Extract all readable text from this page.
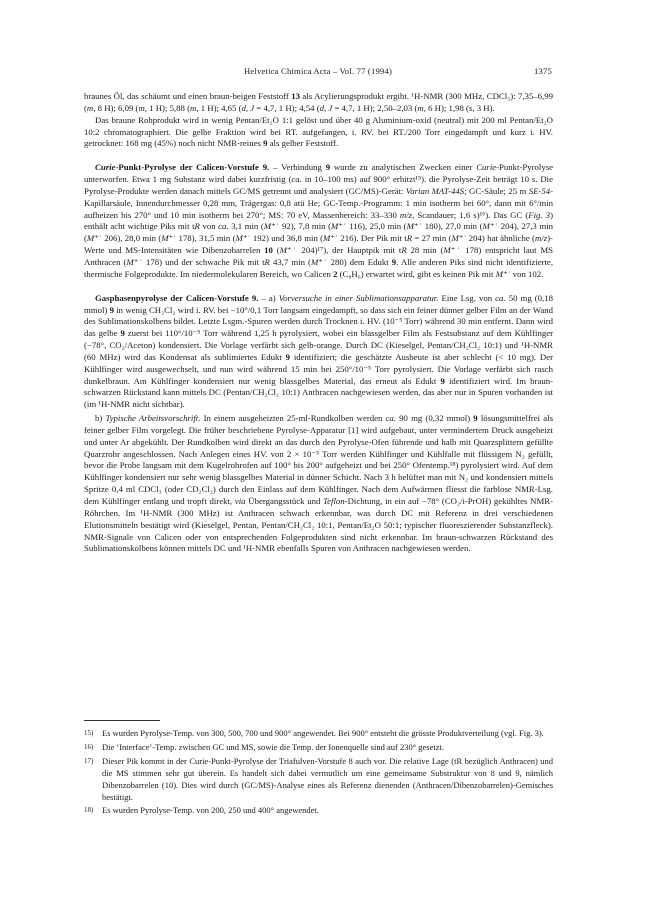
Helvetica Chimica Acta – Vol. 77 (1994)	1375

braunes Öl, das schäumt und einen braun-beigen Feststoff 13 als Acylierungsprodukt ergibt. ¹H-NMR (300 MHz, CDCl₃): 7,35–6,99 (m, 8 H); 6,09 (m, 1 H); 5,88 (m, 1 H); 4,65 (d, J = 4,7, 1 H); 4,54 (d, J = 4,7, 1 H); 2,50–2,03 (m, 6 H); 1,98 (s, 3 H).

Das braune Rohprodukt wird in wenig Pentan/Et₂O 1:1 gelöst und über 40 g Aluminium-oxid (neutral) mit 200 ml Pentan/Et₂O 10:2 chromatographiert. Die gelbe Fraktion wird bei RT. aufgefangen, i. RV. bei RT./200 Torr eingedampft und kurz i. HV. getrocknet: 168 mg (45%) noch nicht NMR-reines 9 als gelber Feststoff.

Curie-Punkt-Pyrolyse der Calicen-Vorstufe 9. – Verbindung 9 wurde zu analytischen Zwecken einer Curie-Punkt-Pyrolyse unterworfen. Etwa 1 mg Substanz wird dabei kurzfristig (ca. in 10–100 ms) auf 900° erhitzt¹⁵). die Pyrolyse-Zeit beträgt 10 s. Die Pyrolyse-Produkte werden danach mittels GC/MS getrennt und analysiert (GC/MS)-Gerät: Varian MAT-44S; GC-Säule; 25 m SE-54-Kapillarsäule, Innendurchmesser 0,28 mm, Trägergas: 0,8 atü He; GC-Temp.-Programm: 1 min isotherm bei 60°, dann mit 6°/min aufheizen bis 270° und 10 min isotherm bei 270°; MS: 70 eV, Massenbereich: 33–330 m/z, Scandauer; 1,6 s)¹⁶). Das GC (Fig. 3) enthält acht wichtige Piks mit tR von ca. 3,1 min (M⁺˙ 92), 7,8 min (M⁺˙ 116), 25,0 min (M⁺˙ 180), 27,0 min (M⁺˙ 204), 27,3 min (M⁺˙ 206), 28,0 min (M⁺˙ 178), 31,5 min (M⁺˙ 192) und 36,8 min (M⁺˙ 216). Der Pik mit tR = 27 min (M⁺˙ 204) hat ähnliche (m/z)-Werte und MS-Intensitäten wie Dibenzobarrelen 10 (M⁺˙ 204)¹⁷), der Hauptpik mit tR 28 min (M⁺˙ 178) entspricht laut MS Anthracen (M⁺˙ 178) und der schwache Pik mit tR 43,7 min (M⁺˙ 280) dem Edukt 9. Alle anderen Piks sind nicht identifizierte, thermische Folgeprodukte. Im niedermolekularen Bereich, wo Calicen 2 (C₈H₆) erwartet wird, gibt es keinen Pik mit M⁺˙ von 102.

Gasphasenpyrolyse der Calicen-Vorstufe 9. – a) Vorversuche in einer Sublimationsapparatur. Eine Lsg. von ca. 50 mg (0,18 mmol) 9 in wenig CH₂Cl₂ wird i. RV. bei −10°/0,1 Torr langsam eingedampft, so dass sich ein feiner dünner gelber Film an der Wand des Sublimationskolbens bildet. Letzte Lsgm.-Spuren werden durch Trocknen i. HV. (10⁻⁵ Torr) während 30 min entfernt. Dann wird das gelbe 9 zuerst bei 110°/10⁻⁵ Torr während 1,25 h pyrolysiert, wobei ein blassgelber Film als Festsubstanz auf dem Kühlfinger (−78°, CO₂/Aceton) kondensiert. Die Vorlage verfärbt sich gelb-orange. Durch DC (Kieselgel, Pentan/CH₂Cl₂ 10:1) und ¹H-NMR (60 MHz) wird das Kondensat als sublimiertes Edukt 9 identifiziert; die geschätzte Ausbeute ist aber schlecht (< 10 mg). Der Kühlfinger wird ausgewechselt, und nun wird während 15 min bei 250°/10⁻⁵ Torr pyrolysiert. Die Vorlage verfärbt sich rasch dunkelbraun. Am Kühlfinger kondensiert nur wenig blassgelbes Material, das erneut als Edukt 9 identifiziert wird. Im braun-schwarzen Rückstand kann mittels DC (Pentan/CH₂Cl₂ 10:1) Anthracen nachgewiesen werden, das aber nur in Spuren vorhanden ist (im ¹H-NMR nicht sichtbar).

b) Typische Arbeitsvorschrift. In einem ausgeheizten 25-ml-Rundkolben werden ca. 90 mg (0,32 mmol) 9 lösungsmittelfrei als feiner gelber Film vorgelegt. Die früher beschriebene Pyrolyse-Apparatur [1] wird aufgebaut, unter vermindertem Druck ausgeheizt und unter Ar abgekühlt. Der Rundkolben wird direkt an das durch den Pyrolyse-Ofen führende und halb mit Quarzsplittern gefüllte Quarzrohr angeschlossen. Nach Anlegen eines HV. von 2 × 10⁻⁵ Torr werden Kühlfinger und Kühlfalle mit flüssigem N₂ gefüllt, bevor die Probe langsam mit dem Kugelrohrofen auf 100° bis 200° aufgeheizt und bei 250° Ofentemp.¹⁸) pyrolysiert wird. Auf dem Kühlfinger kondensiert nur sehr wenig blassgelbes Material in dünner Schicht. Nach 3 h belüftet man mit N₂ und kondensiert mittels Spritze 0,4 ml CDCl₃ (oder CD₂Cl₂) durch den Einlass auf dem Kühlfinger. Nach dem Aufwärmen fliesst die farblose NMR-Lsg. dem Kühlfinger entlang und tropft direkt, via Übergangsstück und Teflon-Dichtung, in ein auf −78° (CO₂/i-PrOH) gekühltes NMR-Röhrchen. Im ¹H-NMR (300 MHz) ist Anthracen schwach erkennbar, was durch DC mit Referenz in drei verschiedenen Elutionsmitteln bestätigt wird (Kieselgel, Pentan, Pentan/CH₂Cl₂ 10:1, Pentan/Et₂O 50:1; typischer fluoreszierender Substanzfleck). NMR-Signale von Calicen oder von entsprechenden Folgeprodukten sind nicht erkennbar. Im braun-schwarzen Rückstand des Sublimationskolbens können mittels DC und ¹H-NMR ebenfalls Spuren von Anthracen nachgewiesen werden.

15) Es wurden Pyrolyse-Temp. von 300, 500, 700 und 900° angewendet. Bei 900° entsteht die grösste Produktverteilung (vgl. Fig. 3).
16) Die ‘Interface’-Temp. zwischen GC und MS, sowie die Temp. der Ionenquelle sind auf 230° gesetzt.
17) Dieser Pik kommt in der Curie-Punkt-Pyrolyse der Triafulven-Vorstufe 8 auch vor. Die relative Lage (tR bezüglich Anthracen) und die MS stimmen sehr gut überein. Es handelt sich dabei vermutlich um eine gemeinsame Substruktur von 8 und 9, nämlich Dibenzobarrelen (10). Dies wird durch (GC/MS)-Analyse eines als Referenz dienenden (Anthracen/Dibenzobarrelen)-Gemisches bestätigt.
18) Es wurden Pyrolyse-Temp. von 200, 250 und 400° angewendet.
